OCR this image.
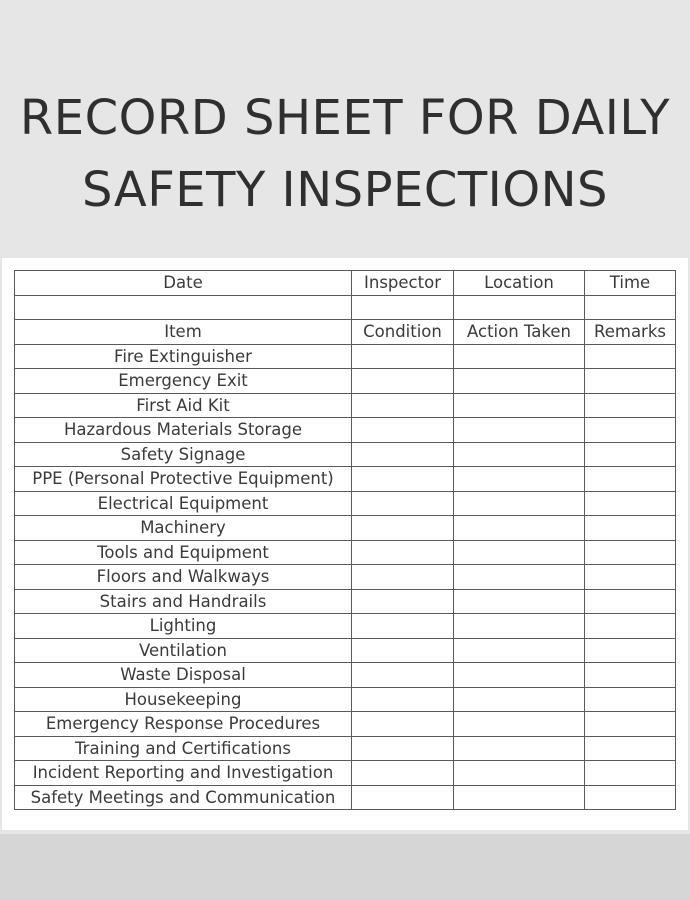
RECORD SHEET FOR DAILY
SAFETY INSPECTIONS
Date	Inspector	Location	Time

Item	Condition	Action Taken	Remarks
Fire Extinguisher			
Emergency Exit			
First Aid Kit			
Hazardous Materials Storage			
Safety Signage			
PPE (Personal Protective Equipment)			
Electrical Equipment			
Machinery			
Tools and Equipment			
Floors and Walkways			
Stairs and Handrails			
Lighting			
Ventilation			
Waste Disposal			
Housekeeping			
Emergency Response Procedures			
Training and Certifications			
Incident Reporting and Investigation			
Safety Meetings and Communication			
